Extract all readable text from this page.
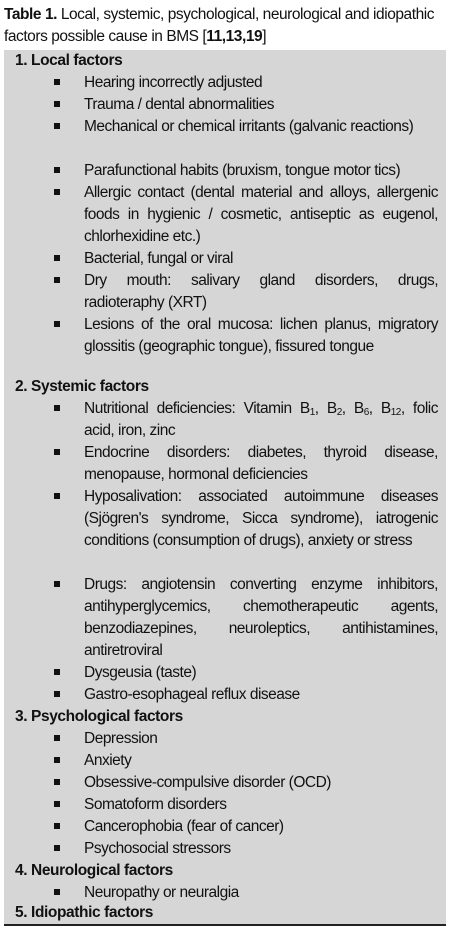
Table 1. Local, systemic, psychological, neurological and idiopathic factors possible cause in BMS [11,13,19]
1. Local factors
Hearing incorrectly adjusted
Trauma / dental abnormalities
Mechanical or chemical irritants (galvanic reactions)
Parafunctional habits (bruxism, tongue motor tics)
Allergic contact (dental material and alloys, allergenic foods in hygienic / cosmetic, antiseptic as eugenol, chlorhexidine etc.)
Bacterial, fungal or viral
Dry mouth: salivary gland disorders, drugs, radioteraphy (XRT)
Lesions of the oral mucosa: lichen planus, migratory glossitis (geographic tongue), fissured tongue
2. Systemic factors
Nutritional deficiencies: Vitamin $B_1$, $B_2$, $B_6$, $B_{12}$, folic acid, iron, zinc
Endocrine disorders: diabetes, thyroid disease, menopause, hormonal deficiencies
Hyposalivation: associated autoimmune diseases (Sjögren's syndrome, Sicca syndrome), iatrogenic conditions (consumption of drugs), anxiety or stress
Drugs: angiotensin converting enzyme inhibitors, antihyperglycemics, chemotherapeutic agents, benzodiazepines, neuroleptics, antihistamines, antiretroviral
Dysgeusia (taste)
Gastro-esophageal reflux disease
3. Psychological factors
Depression
Anxiety
Obsessive-compulsive disorder (OCD)
Somatoform disorders
Cancerophobia (fear of cancer)
Psychosocial stressors
4. Neurological factors
Neuropathy or neuralgia
5. Idiopathic factors
